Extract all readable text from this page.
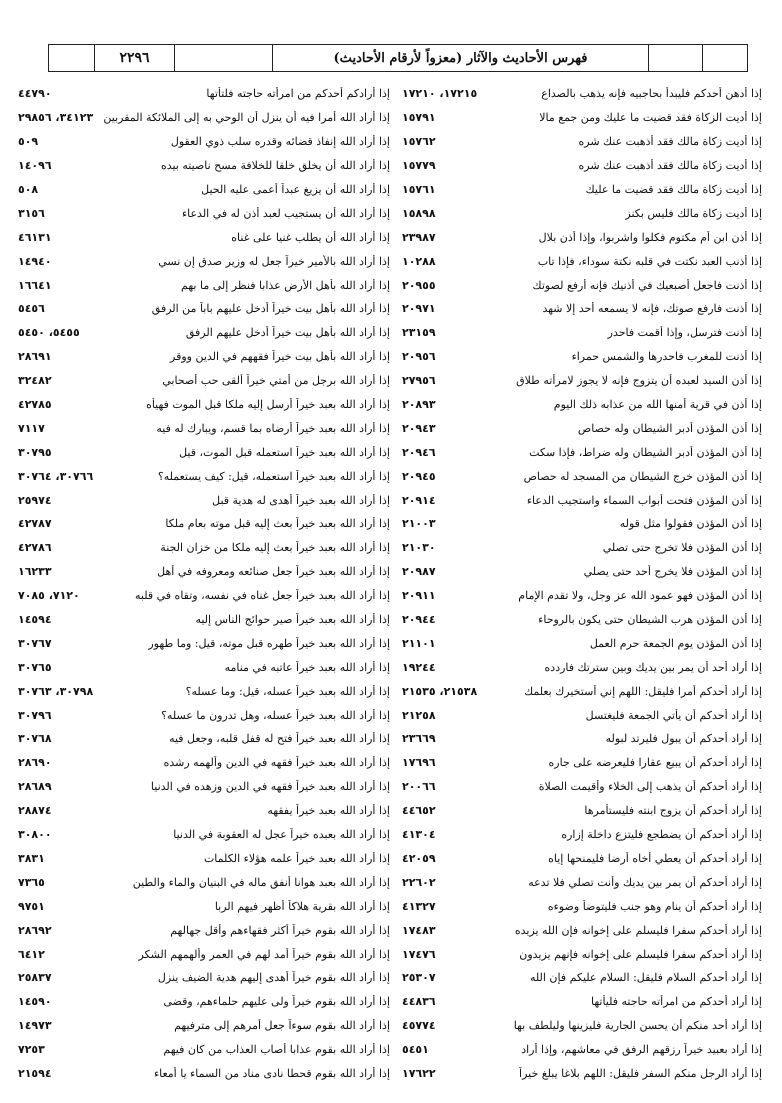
٢٢٩٦	فهرس الأحاديث والآثار (معزواً لأرقام الأحاديث)
إذا أدهن أحدكم فليبدأ بحاجبيه فإنه يذهب بالصداع
١٧٢١٥، ١٧٢١٠
إذا أديت الزكاة فقد قضيت ما عليك ومن جمع مالا
١٥٧٩١
إذا أديت زكاة مالك فقد أذهبت عنك شره
١٥٧٦٢
إذا أديت زكاة مالك فقد أذهبت عنك شره
١٥٧٧٩
إذا أديت زكاة مالك فقد قضيت ما عليك
١٥٧٦١
إذا أديت زكاة مالك فليس بكنز
١٥٨٩٨
إذا أذن ابن أم مكتوم فكلوا واشربوا، وإذا أذن بلال
٢٣٩٨٧
إذا أذنب العبد نكتت في قلبه نكتة سوداء، فإذا تاب
١٠٢٨٨
إذا أذنت فاجعل أصبعيك في أذنيك فإنه أرفع لصوتك
٢٠٩٥٥
إذا أذنت فارفع صوتك، فإنه لا يسمعه أحد إلا شهد
٢٠٩٧١
إذا أذنت فترسل، وإذا أقمت فاحدر
٢٣١٥٩
إذا أذنت للمغرب فاحدرها والشمس حمراء
٢٠٩٥٦
إذا أذن السيد لعبده أن يتزوج فإنه لا يجوز لامرأته طلاق
٢٧٩٥٦
إذا أذن في قرية أمنها الله من عذابه ذلك اليوم
٢٠٨٩٣
إذا أذن المؤذن أدبر الشيطان وله حصاص
٢٠٩٤٣
إذا أذن المؤذن أدبر الشيطان وله ضراط، فإذا سكت
٢٠٩٤٦
إذا أذن المؤذن خرج الشيطان من المسجد له حصاص
٢٠٩٤٥
إذا أذن المؤذن فتحت أبواب السماء واستجيب الدعاء
٢٠٩١٤
إذا أذن المؤذن فقولوا مثل قوله
٢١٠٠٣
إذا أذن المؤذن فلا تخرج حتى تصلي
٢١٠٣٠
إذا أذن المؤذن فلا يخرج أحد حتى يصلي
٢٠٩٨٧
إذا أذن المؤذن فهو عمود الله عز وجل، ولا تقدم الإمام
٢٠٩١١
إذا أذن المؤذن هرب الشيطان حتى يكون بالروحاء
٢٠٩٤٤
إذا أذن المؤذن يوم الجمعة حرم العمل
٢١١٠١
إذا أراد أحد أن يمر بين يديك وبين سترتك فاردده
١٩٢٤٤
إذا أراد أحدكم أمرا فليقل: اللهم إني أستخيرك بعلمك
٢١٥٣٨، ٢١٥٣٥
إذا أراد أحدكم أن يأتي الجمعة فليغتسل
٢١٢٥٨
إذا أراد أحدكم أن يبول فليرتد لبوله
٢٣٦٦٩
إذا أراد أحدكم أن يبيع عقارا فليعرضه على جاره
١٧٦٩٦
إذا أراد أحدكم أن يذهب إلى الخلاء وأقيمت الصلاة
٢٠٠٦٦
إذا أراد أحدكم أن يزوج ابنته فليستأمرها
٤٤٦٥٢
إذا أراد أحدكم أن يضطجع فليتزع داخلة إزاره
٤١٣٠٤
إذا أراد أحدكم أن يعطي أخاه أرضا فليمنحها إياه
٤٢٠٥٩
إذا أراد أحدكم أن يمر بين يديك وأنت تصلي فلا تدعه
٢٢٦٠٢
إذا أراد أحدكم أن ينام وهو جنب فليتوضأ وضوءه
٤١٣٢٧
إذا أراد أحدكم سفرا فليسلم على إخوانه فإن الله يزيده
١٧٤٨٣
إذا أراد أحدكم سفرا فليسلم على إخوانه فإنهم يزيدون
١٧٤٧٦
إذا أراد أحدكم السلام فليقل: السلام عليكم فإن الله
٢٥٣٠٧
إذا أراد أحدكم من امرأته حاجته فليأتها
٤٤٨٣٦
إذا أراد أحد منكم أن يحسن الجارية فليزينها وليلطف بها
٤٥٧٧٤
إذا أراد بعبيد خيراً رزقهم الرفق في معاشهم، وإذا أراد
٥٤٥١
إذا أراد الرجل منكم السفر فليقل: اللهم بلاغا يبلغ خيراً
١٧٦٢٢
إذا أرادكم أحدكم من امرأته حاجته فلتأتها
٤٤٧٩٠
إذا أراد الله أمرا فيه أن ينزل أن الوحي به إلى الملائكة المقربين
٣٤١٢٣، ٢٩٨٥٦
إذا أراد الله إنفاذ قضائه وقدره سلب ذوي العقول
٥٠٩
إذا أراد الله أن يخلق خلقا للخلافة مسح ناصيته بيده
١٤٠٩٦
إذا أراد الله أن يزيغ عبداً أعمى عليه الحيل
٥٠٨
إذا أراد الله أن يستجيب لعبد أذن له في الدعاء
٣١٥٦
إذا أراد الله أن يطلب غنيا على غناه
٤٦١٣١
إذا أراد الله بالأمير خيراً جعل له وزير صدق إن نسي
١٤٩٤٠
إذا أراد الله بأهل الأرض عذابا فنظر إلى ما بهم
١٦٦٤١
إذا أراد الله بأهل بيت خيراً أدخل عليهم باباً من الرفق
٥٤٥٦
إذا أراد الله بأهل بيت خيراً أدخل عليهم الرفق
٥٤٥٥، ٥٤٥٠
إذا أراد الله بأهل بيت خيراً فقههم في الدين ووقر
٢٨٦٩١
إذا أراد الله برجل من أمتي خيراً ألقى حب أصحابي
٣٢٤٨٢
إذا أراد الله بعبد خيراً أرسل إليه ملكا قبل الموت فهيأه
٤٢٧٨٥
إذا أراد الله بعبد خيراً أرضاه بما قسم، ويبارك له فيه
٧١١٧
إذا أراد الله بعبد خيراً استعمله قبل الموت، قيل
٣٠٧٩٥
إذا أراد الله بعبد خيراً استعمله، قيل: كيف يستعمله؟
٣٠٧٦٦، ٣٠٧٦٤
إذا أراد الله بعبد خيراً أهدى له هدية قبل
٢٥٩٧٤
إذا أراد الله بعبد خيراً بعث إليه قبل موته بعام ملكا
٤٢٧٨٧
إذا أراد الله بعبد خيراً بعث إليه ملكا من خزان الجنة
٤٢٧٨٦
إذا أراد الله بعبد خيراً جعل صنائعه ومعروفه في أهل
١٦٢٣٣
إذا أراد الله بعبد خيراً جعل غناه في نفسه، وتقاه في قلبه
٧١٢٠، ٧٠٨٥
إذا أراد الله بعبد خيراً صير حوائج الناس إليه
١٤٥٩٤
إذا أراد الله بعبد خيراً طهره قبل موته، قيل: وما طهور
٣٠٧٦٧
إذا أراد الله بعبد خيراً عاتبه في منامه
٣٠٧٦٥
إذا أراد الله بعبد خيراً عسله، قيل: وما عسله؟
٣٠٧٩٨، ٣٠٧٦٣
إذا أراد الله بعبد خيراً عسله، وهل تدرون ما عسله؟
٣٠٧٩٦
إذا أراد الله بعبد خيراً فتح له قفل قلبه، وجعل فيه
٣٠٧٦٨
إذا أراد الله بعبد خيراً فقهه في الدين وألهمه رشده
٢٨٦٩٠
إذا أراد الله بعبد خيراً فقهه في الدين وزهده في الدنيا
٢٨٦٨٩
إذا أراد الله بعبد خيراً يفقهه
٢٨٨٧٤
إذا أراد الله بعبده خيراً عجل له العقوبة في الدنيا
٣٠٨٠٠
إذا أراد الله بعبد خيراً علمه هؤلاء الكلمات
٣٨٣١
إذا أراد الله بعبد هوانا أنفق ماله في البنيان والماء والطين
٧٣٦٥
إذا أراد الله بقرية هلاكاً أظهر فيهم الربا
٩٧٥١
إذا أراد الله بقوم خيراً أكثر فقهاءهم وأقل جهالهم
٢٨٦٩٢
إذا أراد الله بقوم خيراً أمد لهم في العمر وألهمهم الشكر
٦٤١٢
إذا أراد الله بقوم خيراً أهدى إليهم هدية الضيف ينزل
٢٥٨٣٧
إذا أراد الله بقوم خيراً ولى عليهم حلماءهم، وقضى
١٤٥٩٠
إذا أراد الله بقوم سوءاً جعل أمرهم إلى مترفيهم
١٤٩٧٣
إذا أراد الله بقوم عذابا أصاب العذاب من كان فيهم
٧٢٥٣
إذا أراد الله بقوم قحطا نادى مناد من السماء يا أمعاء
٢١٥٩٤
